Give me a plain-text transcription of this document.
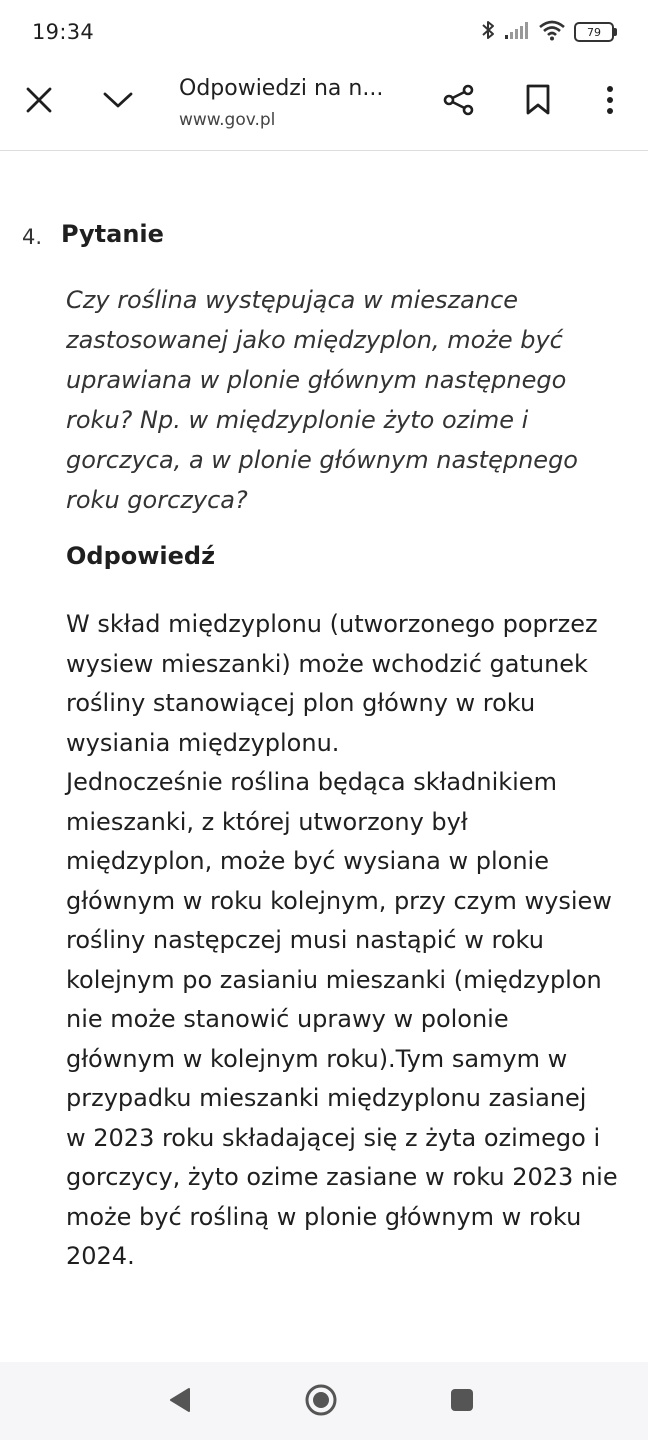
19:34	79
Odpowiedzi na n...
www.gov.pl
4. Pytanie
Czy roślina występująca w mieszance
zastosowanej jako międzyplon, może być
uprawiana w plonie głównym następnego
roku? Np. w międzyplonie żyto ozime i
gorczyca, a w plonie głównym następnego
roku gorczyca?
Odpowiedź
W skład międzyplonu (utworzonego poprzez
wysiew mieszanki) może wchodzić gatunek
rośliny stanowiącej plon główny w roku
wysiania międzyplonu.
Jednocześnie roślina będąca składnikiem
mieszanki, z której utworzony był
międzyplon, może być wysiana w plonie
głównym w roku kolejnym, przy czym wysiew
rośliny następczej musi nastąpić w roku
kolejnym po zasianiu mieszanki (międzyplon
nie może stanowić uprawy w polonie
głównym w kolejnym roku).Tym samym w
przypadku mieszanki międzyplonu zasianej
w 2023 roku składającej się z żyta ozimego i
gorczycy, żyto ozime zasiane w roku 2023 nie
może być rośliną w plonie głównym w roku
2024.
